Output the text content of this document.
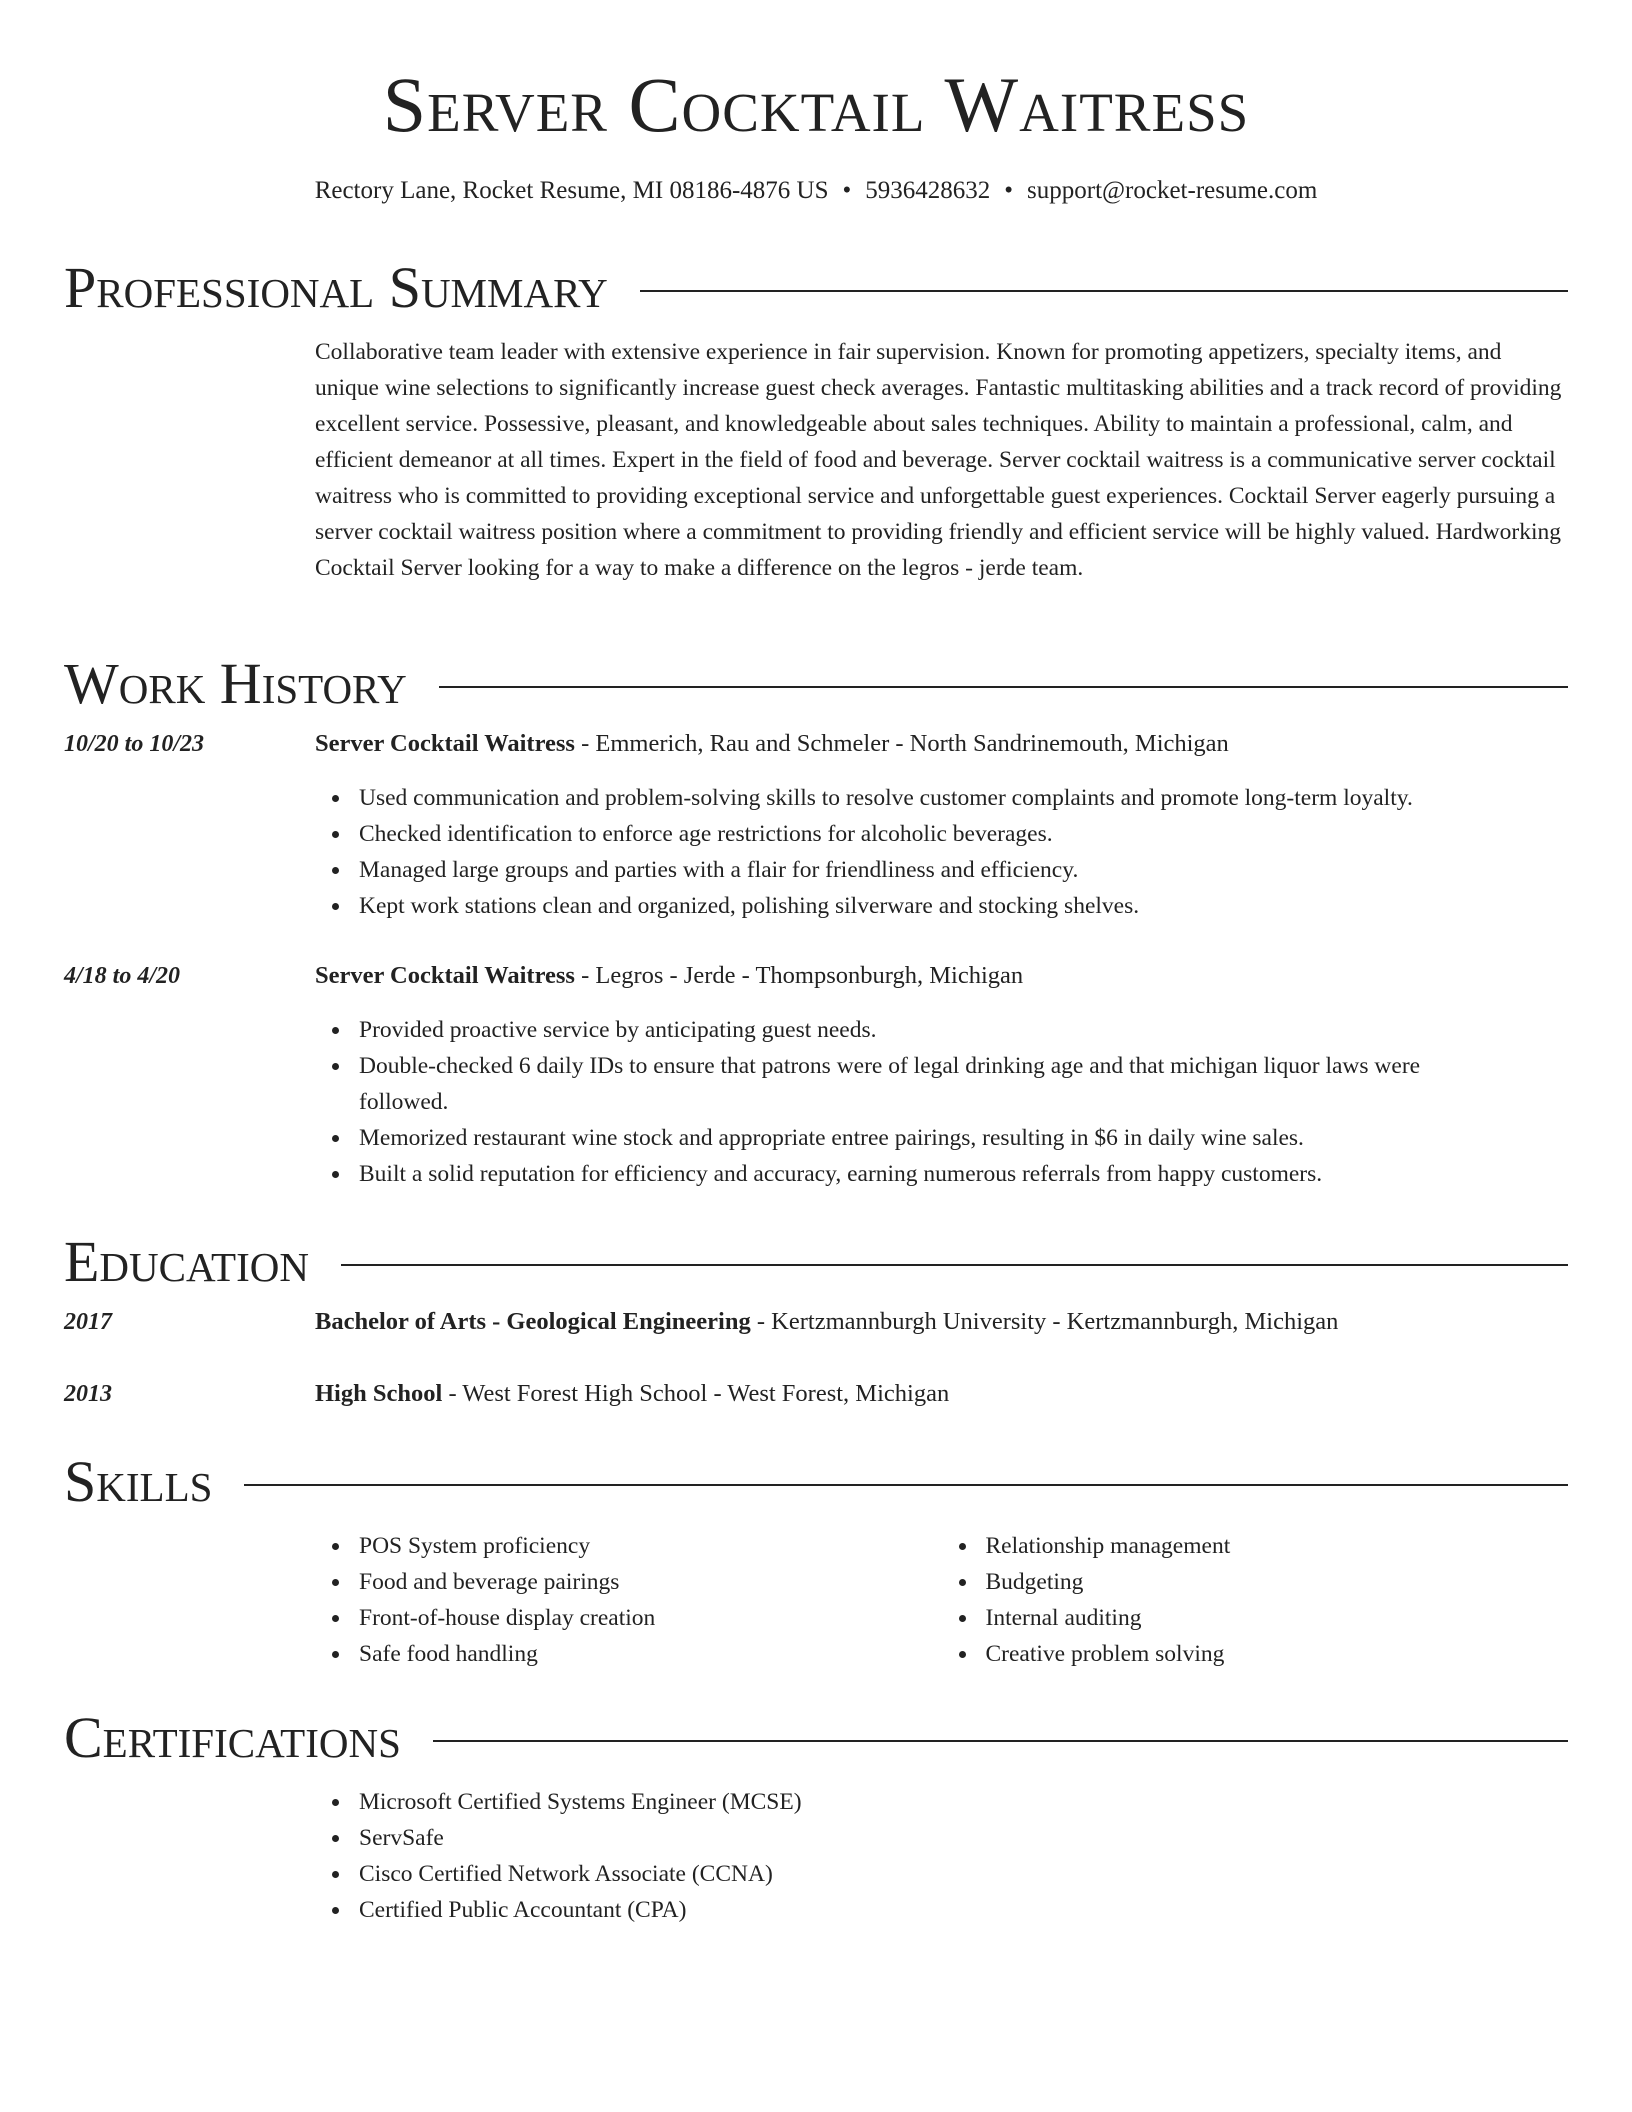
Server Cocktail Waitress
Rectory Lane, Rocket Resume, MI 08186-4876 US • 5936428632 • support@rocket-resume.com
Professional Summary

Collaborative team leader with extensive experience in fair supervision. Known for promoting appetizers, specialty items, and unique wine selections to significantly increase guest check averages. Fantastic multitasking abilities and a track record of providing excellent service. Possessive, pleasant, and knowledgeable about sales techniques. Ability to maintain a professional, calm, and efficient demeanor at all times. Expert in the field of food and beverage. Server cocktail waitress is a communicative server cocktail waitress who is committed to providing exceptional service and unforgettable guest experiences. Cocktail Server eagerly pursuing a server cocktail waitress position where a commitment to providing friendly and efficient service will be highly valued. Hardworking Cocktail Server looking for a way to make a difference on the legros - jerde team.

Work History
10/20 to 10/23	Server Cocktail Waitress - Emmerich, Rau and Schmeler - North Sandrinemouth, Michigan
Used communication and problem-solving skills to resolve customer complaints and promote long-term loyalty.
Checked identification to enforce age restrictions for alcoholic beverages.
Managed large groups and parties with a flair for friendliness and efficiency.
Kept work stations clean and organized, polishing silverware and stocking shelves.
4/18 to 4/20	Server Cocktail Waitress - Legros - Jerde - Thompsonburgh, Michigan
Provided proactive service by anticipating guest needs.
Double-checked 6 daily IDs to ensure that patrons were of legal drinking age and that michigan liquor laws were followed.
Memorized restaurant wine stock and appropriate entree pairings, resulting in $6 in daily wine sales.
Built a solid reputation for efficiency and accuracy, earning numerous referrals from happy customers.
Education
2017	Bachelor of Arts - Geological Engineering - Kertzmannburgh University - Kertzmannburgh, Michigan
2013	High School - West Forest High School - West Forest, Michigan
Skills
POS System proficiency
Food and beverage pairings
Front-of-house display creation
Safe food handling
Relationship management
Budgeting
Internal auditing
Creative problem solving
Certifications
Microsoft Certified Systems Engineer (MCSE)
ServSafe
Cisco Certified Network Associate (CCNA)
Certified Public Accountant (CPA)
